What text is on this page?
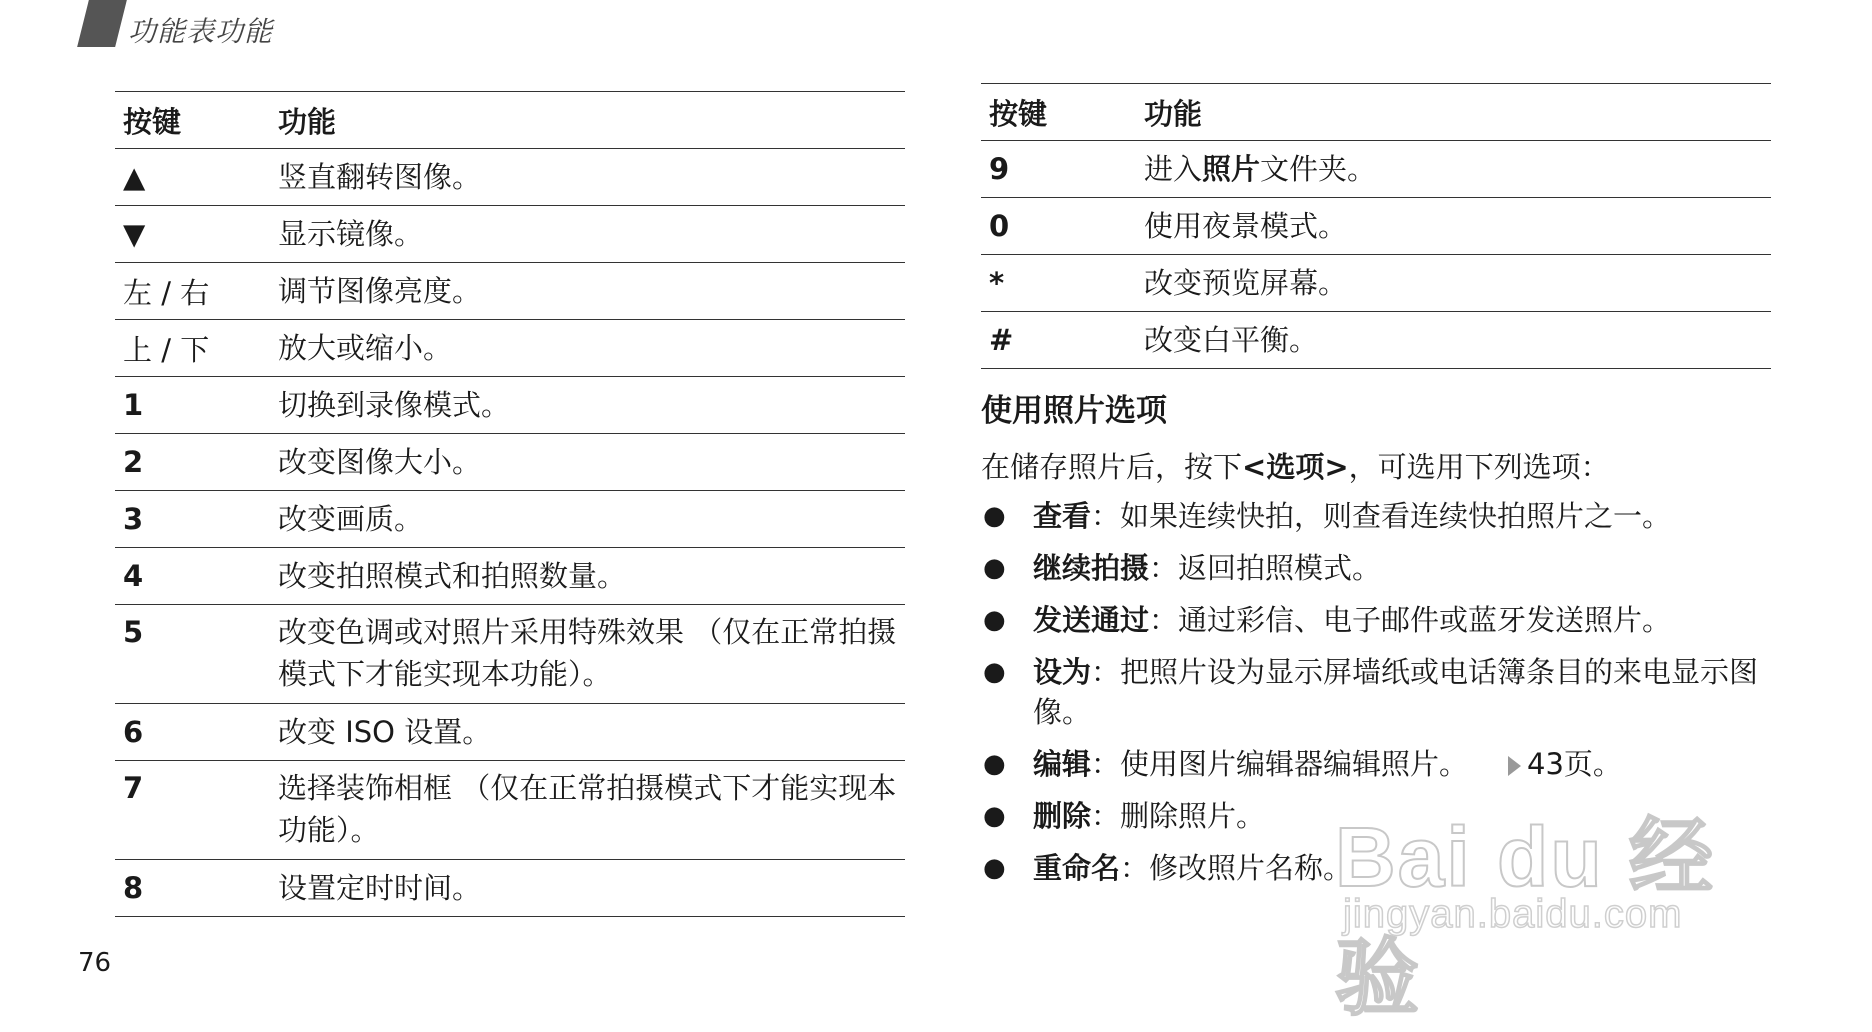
功能表功能
按键	功能
▲	竖直翻转图像。
▼	显示镜像。
左 / 右	调节图像亮度。
上 / 下	放大或缩小。
1	切换到录像模式。
2	改变图像大小。
3	改变画质。
4	改变拍照模式和拍照数量。
5	改变色调或对照片采用特殊效果 （仅在正常拍摄模式下才能实现本功能）。
6	改变 ISO 设置。
7	选择装饰相框 （仅在正常拍摄模式下才能实现本功能）。
8	设置定时时间。
按键	功能
9	进入照片文件夹。
0	使用夜景模式。
*	改变预览屏幕。
#	改变白平衡。
使用照片选项
在储存照片后，按下<选项>，可选用下列选项：
● 查看：如果连续快拍，则查看连续快拍照片之一。
● 继续拍摄：返回拍照模式。
● 发送通过：通过彩信、电子邮件或蓝牙发送照片。
● 设为：把照片设为显示屏墙纸或电话簿条目的来电显示图像。
● 编辑：使用图片编辑器编辑照片。 43页。
● 删除：删除照片。
● 重命名：修改照片名称。
76
Bai du 经验
jingyan.baidu.com
